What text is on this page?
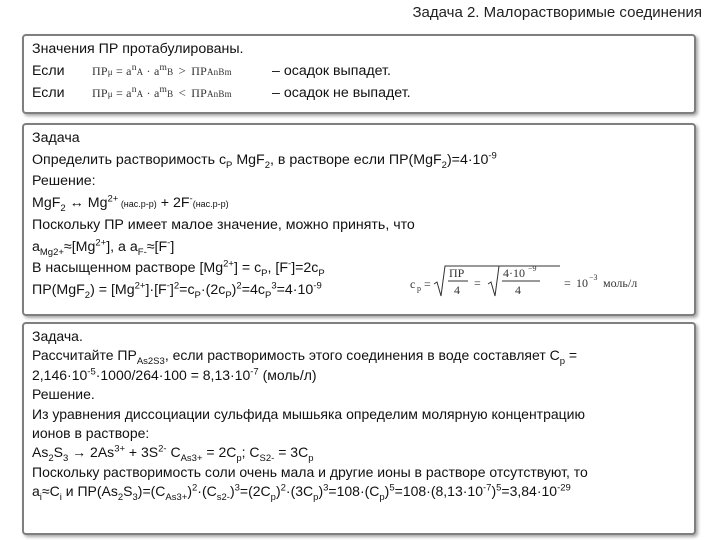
Задача 2. Малорастворимые соединения
Значения ПР протабулированы.
Если	$ПР\mu = a^nA \cdot a^mB$ > ПРAnBm	– осадок выпадет.
Если	$ПР\mu = a^nA \cdot a^mB$ < ПРAnBm	– осадок не выпадет.
Задача
Определить растворимость $с_Р$ MgF$_2$, в растворе если $ПР(MgF_2)=4\cdot 10^{-9}$
Решение:
MgF$_2$ ↔ $Mg^{2+}$ (нас.р-р) + 2F-(нас.р-р)
Поскольку ПР имеет малое значение, можно принять, что
$a_{Mg2+}\approx[Mg^{2+}]$, а $a_{F-}\approx[F^-]$
В насыщенном растворе $[Mg^{2+}] = с_Р$, $[F^-]=2с_Р$
$ПР(MgF_2) = [Mg^{2+}]\cdot[F^-]^2=c_P\cdot(2c_P)^2=4c_P^3=4\cdot 10^{-9}$	c p =
ПР
4 =
4·10 −9
4	= 10 −3 моль/л
Задача.
Рассчитайте $ПР_{As2S3}$, если растворимость этого соединения в воде составляет $С_р$ =
$2,146\cdot 10^{-5}\cdot 1000/264\cdot 100 = 8,13\cdot 10^{-7}$ (моль/л)
Решение.
Из уравнения диссоциации сульфида мышьяка определим молярную концентрацию
ионов в растворе:
$As_2S_3 \to 2As^{3+} + 3S^{2-}$ $C_{As3+} = 2C_p$; $C_{S2-} = 3C_p$
Поскольку растворимость соли очень мала и другие ионы в растворе отсутствуют, то
$a_i\approx C_i$ и $ПР(As_2S_3)=(C_{As3+})^2\cdot(C_{s2-})^3=(2C_p)^2\cdot(3C_p)^3=108\cdot(C_p)^5=108\cdot(8,13\cdot 10^{-7})^5=3,84\cdot 10^{-29}$
